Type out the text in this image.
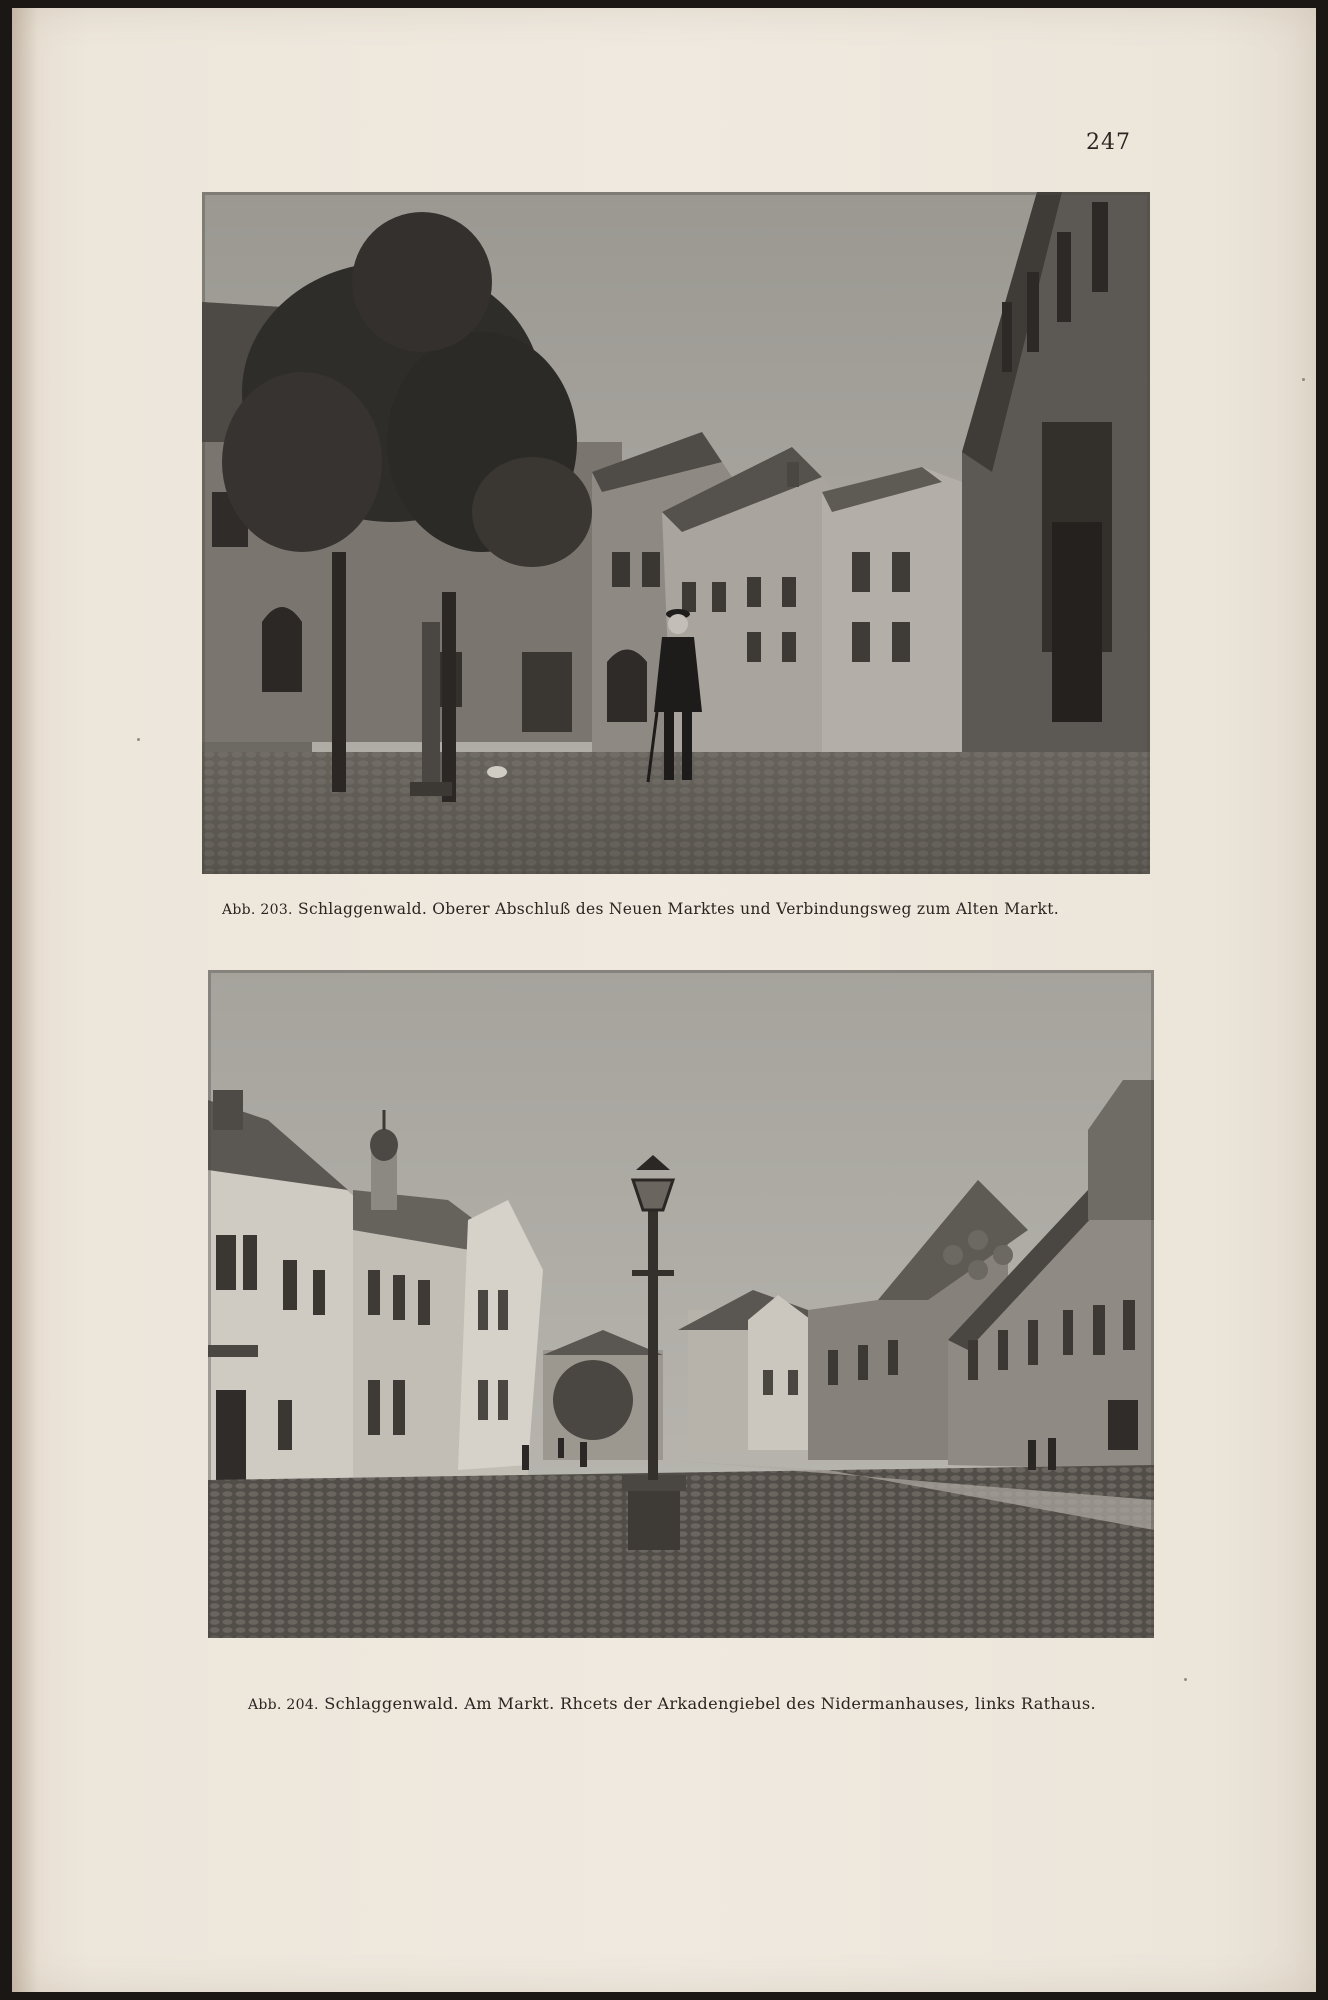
247
Abb. 203. Schlaggenwald. Oberer Abschluß des Neuen Marktes und Verbindungsweg zum Alten Markt.
Abb. 204. Schlaggenwald. Am Markt. Rhcets der Arkadengiebel des Nidermanhauses, links Rathaus.
